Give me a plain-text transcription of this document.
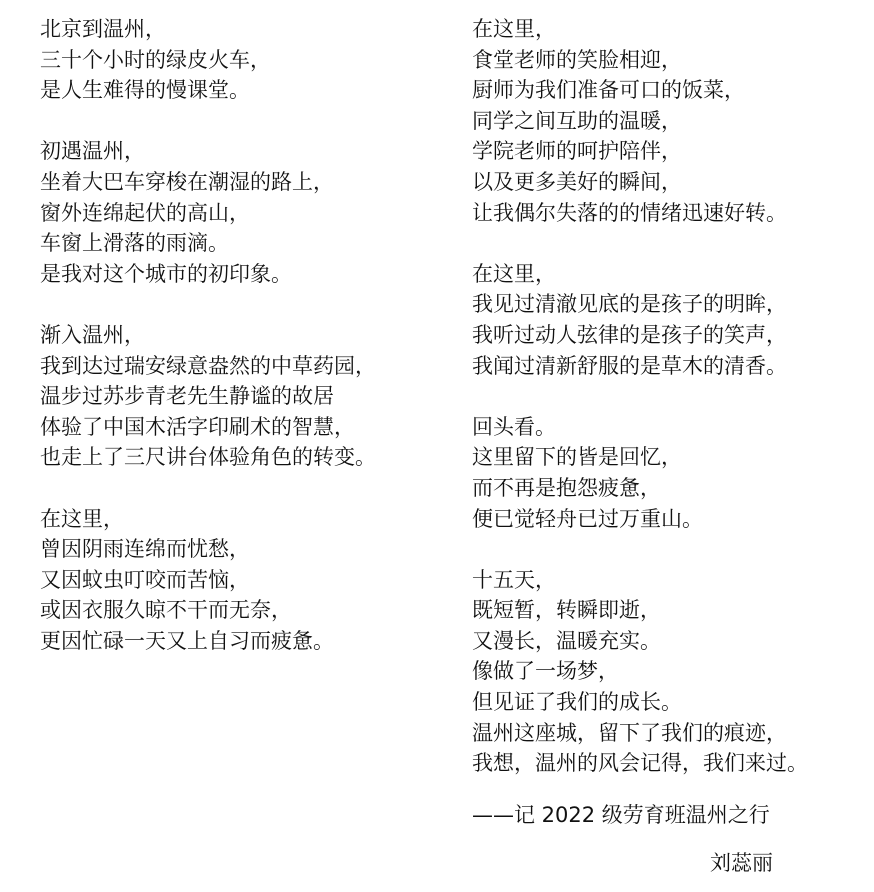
北京到温州，
三十个小时的绿皮火车，
是人生难得的慢课堂。
初遇温州，
坐着大巴车穿梭在潮湿的路上，
窗外连绵起伏的高山，
车窗上滑落的雨滴。
是我对这个城市的初印象。
渐入温州，
我到达过瑞安绿意盎然的中草药园，
温步过苏步青老先生静谧的故居
体验了中国木活字印刷术的智慧，
也走上了三尺讲台体验角色的转变。
在这里，
曾因阴雨连绵而忧愁，
又因蚊虫叮咬而苦恼，
或因衣服久晾不干而无奈，
更因忙碌一天又上自习而疲惫。
在这里，
食堂老师的笑脸相迎，
厨师为我们准备可口的饭菜，
同学之间互助的温暖，
学院老师的呵护陪伴，
以及更多美好的瞬间，
让我偶尔失落的的情绪迅速好转。
在这里，
我见过清澈见底的是孩子的明眸，
我听过动人弦律的是孩子的笑声，
我闻过清新舒服的是草木的清香。
回头看。
这里留下的皆是回忆，
而不再是抱怨疲惫，
便已觉轻舟已过万重山。
十五天，
既短暂，转瞬即逝，
又漫长，温暖充实。
像做了一场梦，
但见证了我们的成长。
温州这座城，留下了我们的痕迹，
我想，温州的风会记得，我们来过。
——记 2022 级劳育班温州之行
刘蕊丽
